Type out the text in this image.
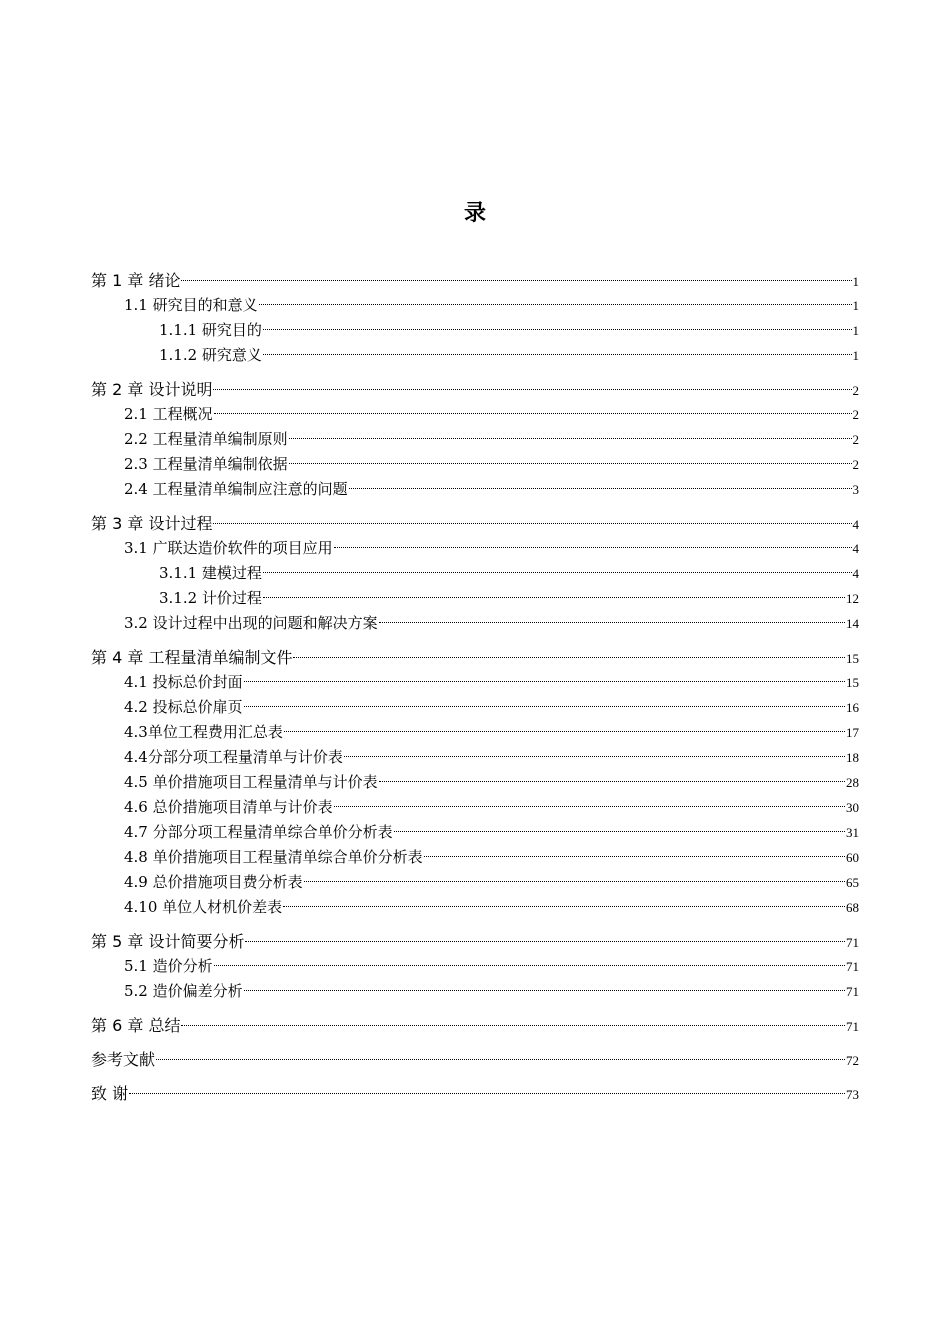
录
第 1 章 绪论	1
1.1 研究目的和意义	1
1.1.1 研究目的	1
1.1.2 研究意义	1
第 2 章 设计说明	2
2.1 工程概况	2
2.2 工程量清单编制原则	2
2.3 工程量清单编制依据	2
2.4 工程量清单编制应注意的问题	3
第 3 章 设计过程	4
3.1 广联达造价软件的项目应用	4
3.1.1 建模过程	4
3.1.2 计价过程	12
3.2 设计过程中出现的问题和解决方案	14
第 4 章 工程量清单编制文件	15
4.1 投标总价封面	15
4.2 投标总价扉页	16
4.3单位工程费用汇总表	17
4.4分部分项工程量清单与计价表	18
4.5 单价措施项目工程量清单与计价表	28
4.6 总价措施项目清单与计价表	30
4.7 分部分项工程量清单综合单价分析表	31
4.8 单价措施项目工程量清单综合单价分析表	60
4.9 总价措施项目费分析表	65
4.10 单位人材机价差表	68
第 5 章 设计简要分析	71
5.1 造价分析	71
5.2 造价偏差分析	71
第 6 章 总结	71
参考文献	72
致 谢	73
